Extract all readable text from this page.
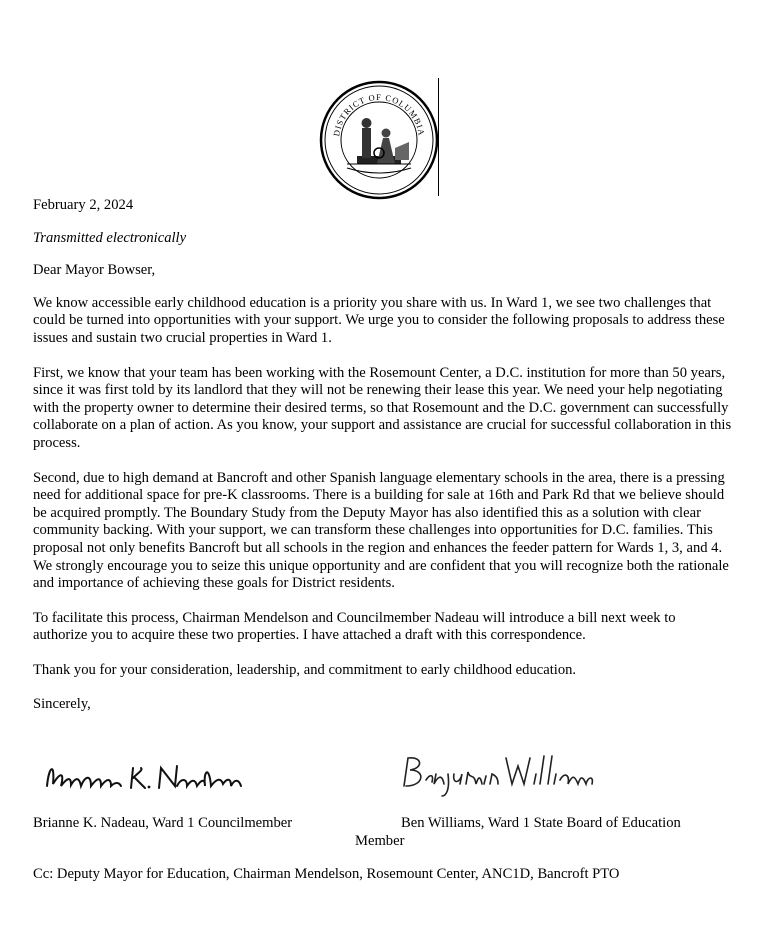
DISTRICT OF COLUMBIA

February 2, 2024

Transmitted electronically

Dear Mayor Bowser,

We know accessible early childhood education is a priority you share with us. In Ward 1, we see two challenges that could be turned into opportunities with your support. We urge you to consider the following proposals to address these issues and sustain two crucial properties in Ward 1.

First, we know that your team has been working with the Rosemount Center, a D.C. institution for more than 50 years, since it was first told by its landlord that they will not be renewing their lease this year. We need your help negotiating with the property owner to determine their desired terms, so that Rosemount and the D.C. government can successfully collaborate on a plan of action. As you know, your support and assistance are crucial for successful collaboration in this process.

Second, due to high demand at Bancroft and other Spanish language elementary schools in the area, there is a pressing need for additional space for pre-K classrooms. There is a building for sale at 16th and Park Rd that we believe should be acquired promptly. The Boundary Study from the Deputy Mayor has also identified this as a solution with clear community backing. With your support, we can transform these challenges into opportunities for D.C. families. This proposal not only benefits Bancroft but all schools in the region and enhances the feeder pattern for Wards 1, 3, and 4. We strongly encourage you to seize this unique opportunity and are confident that you will recognize both the rationale and importance of achieving these goals for District residents.

To facilitate this process, Chairman Mendelson and Councilmember Nadeau will introduce a bill next week to authorize you to acquire these two properties. I have attached a draft with this correspondence.

Thank you for your consideration, leadership, and commitment to early childhood education.

Sincerely,

Brianne K. Nadeau, Ward 1 Councilmember	Ben Williams, Ward 1 State Board of Education
Member
Cc: Deputy Mayor for Education, Chairman Mendelson, Rosemount Center, ANC1D, Bancroft PTO
